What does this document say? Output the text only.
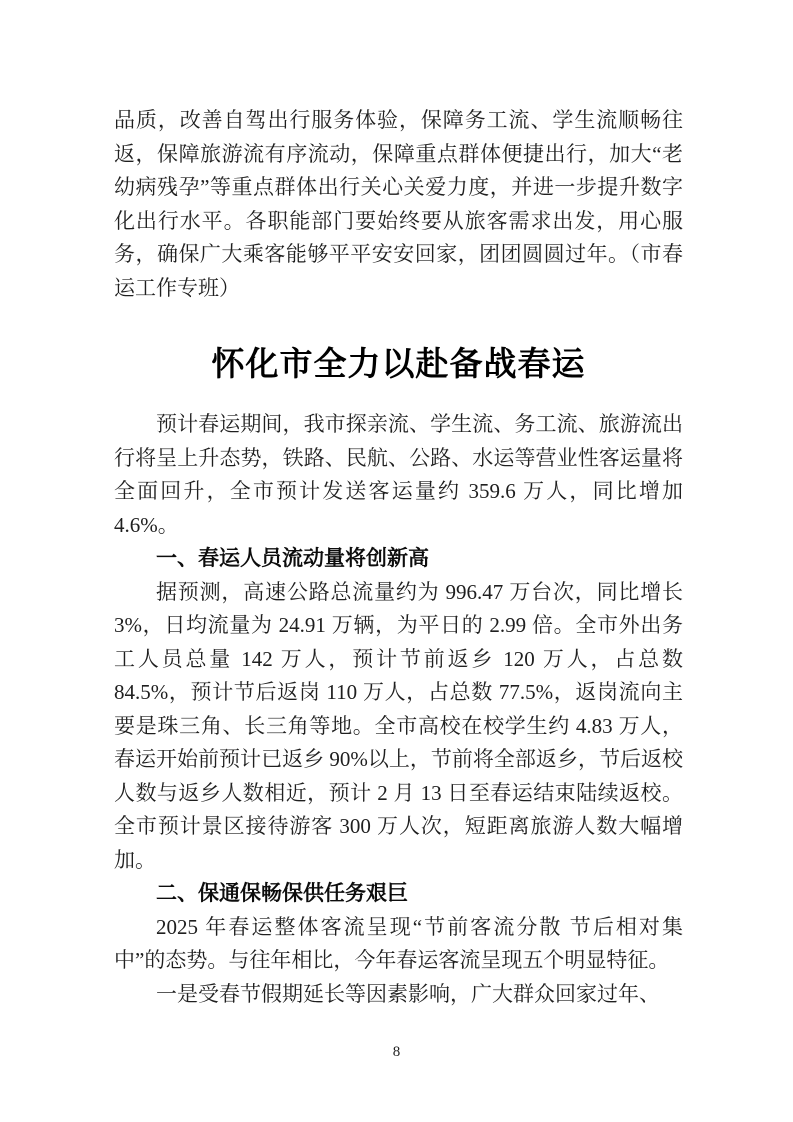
品质，改善自驾出行服务体验，保障务工流、学生流顺畅往返，保障旅游流有序流动，保障重点群体便捷出行，加大“老幼病残孕”等重点群体出行关心关爱力度，并进一步提升数字化出行水平。各职能部门要始终要从旅客需求出发，用心服务，确保广大乘客能够平平安安回家，团团圆圆过年。（市春运工作专班）

怀化市全力以赴备战春运

预计春运期间，我市探亲流、学生流、务工流、旅游流出行将呈上升态势，铁路、民航、公路、水运等营业性客运量将全面回升，全市预计发送客运量约 359.6 万人，同比增加 4.6%。

一、春运人员流动量将创新高

据预测，高速公路总流量约为 996.47 万台次，同比增长 3%，日均流量为 24.91 万辆，为平日的 2.99 倍。全市外出务工人员总量 142 万人，预计节前返乡 120 万人，占总数 84.5%，预计节后返岗 110 万人，占总数 77.5%，返岗流向主要是珠三角、长三角等地。全市高校在校学生约 4.83 万人，春运开始前预计已返乡 90%以上，节前将全部返乡，节后返校人数与返乡人数相近，预计 2 月 13 日至春运结束陆续返校。全市预计景区接待游客 300 万人次，短距离旅游人数大幅增加。

二、保通保畅保供任务艰巨

2025 年春运整体客流呈现“节前客流分散 节后相对集中”的态势。与往年相比，今年春运客流呈现五个明显特征。

一是受春节假期延长等因素影响，广大群众回家过年、

8
